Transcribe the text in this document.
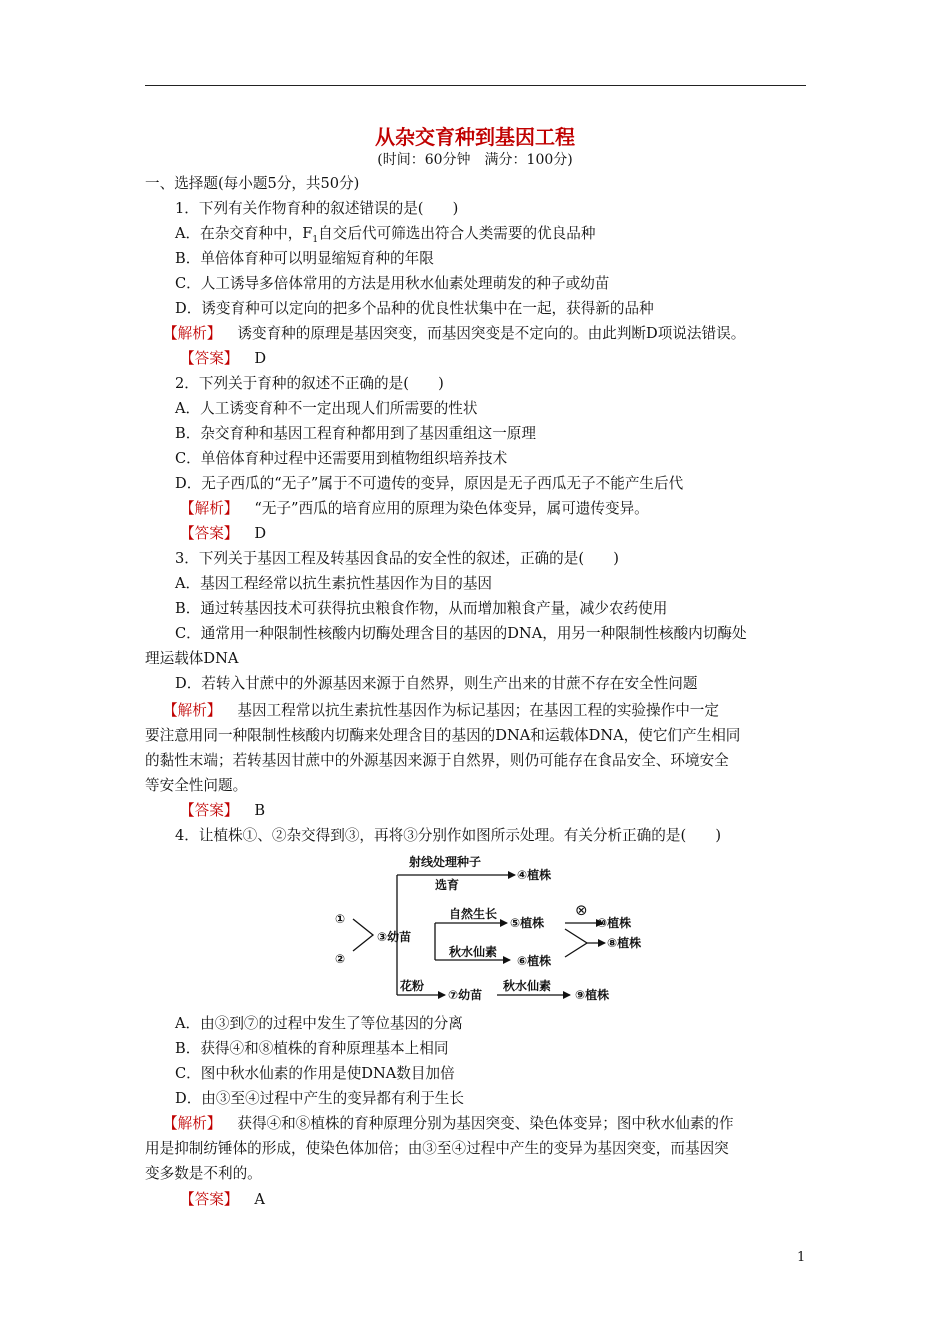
从杂交育种到基因工程
(时间：60分钟　满分：100分)
一、选择题(每小题5分，共50分)
1．下列有关作物育种的叙述错误的是(　　)
A．在杂交育种中，$F_1$自交后代可筛选出符合人类需要的优良品种
B．单倍体育种可以明显缩短育种的年限
C．人工诱导多倍体常用的方法是用秋水仙素处理萌发的种子或幼苗
D．诱变育种可以定向的把多个品种的优良性状集中在一起，获得新的品种
【解析】 诱变育种的原理是基因突变，而基因突变是不定向的。由此判断D项说法错误。
【答案】 D
2．下列关于育种的叙述不正确的是(　　)
A．人工诱变育种不一定出现人们所需要的性状
B．杂交育种和基因工程育种都用到了基因重组这一原理
C．单倍体育种过程中还需要用到植物组织培养技术
D．无子西瓜的“无子”属于不可遗传的变异，原因是无子西瓜无子不能产生后代
【解析】 “无子”西瓜的培育应用的原理为染色体变异，属可遗传变异。
【答案】 D
3．下列关于基因工程及转基因食品的安全性的叙述，正确的是(　　)
A．基因工程经常以抗生素抗性基因作为目的基因
B．通过转基因技术可获得抗虫粮食作物，从而增加粮食产量，减少农药使用
C．通常用一种限制性核酸内切酶处理含目的基因的DNA，用另一种限制性核酸内切酶处
理运载体DNA
D．若转入甘蔗中的外源基因来源于自然界，则生产出来的甘蔗不存在安全性问题
【解析】 基因工程常以抗生素抗性基因作为标记基因；在基因工程的实验操作中一定
要注意用同一种限制性核酸内切酶来处理含目的基因的DNA和运载体DNA，使它们产生相同
的黏性末端；若转基因甘蔗中的外源基因来源于自然界，则仍可能存在食品安全、环境安全
等安全性问题。
【答案】 B
4．让植株①、②杂交得到③，再将③分别作如图所示处理。有关分析正确的是(　　)
①
②
③幼苗
射线处理种子
选育
④植株
自然生长
⑤植株
⊗
⑩植株
秋水仙素
⑥植株
⑧植株
花粉
⑦幼苗
秋水仙素
⑨植株
A．由③到⑦的过程中发生了等位基因的分离
B．获得④和⑧植株的育种原理基本上相同
C．图中秋水仙素的作用是使DNA数目加倍
D．由③至④过程中产生的变异都有利于生长
【解析】 获得④和⑧植株的育种原理分别为基因突变、染色体变异；图中秋水仙素的作
用是抑制纺锤体的形成，使染色体加倍；由③至④过程中产生的变异为基因突变，而基因突
变多数是不利的。
【答案】 A
1
